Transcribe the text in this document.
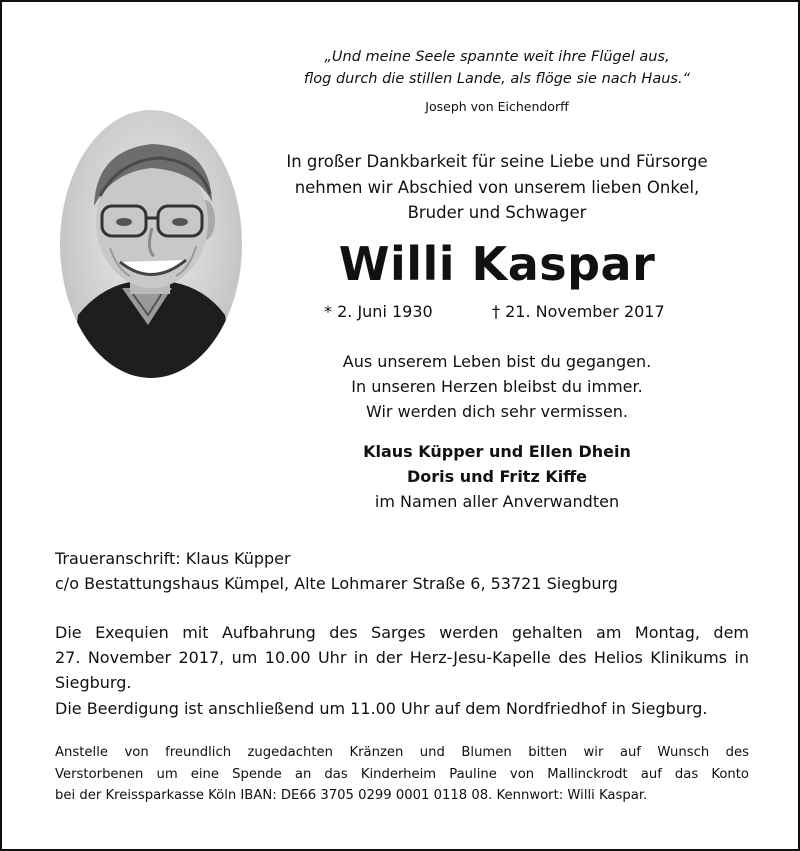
„Und meine Seele spannte weit ihre Flügel aus,
flog durch die stillen Lande, als flöge sie nach Haus.“
Joseph von Eichendorff
In großer Dankbarkeit für seine Liebe und Fürsorge
nehmen wir Abschied von unserem lieben Onkel,
Bruder und Schwager
Willi Kaspar
* 2. Juni 1930	† 21. November 2017
Aus unserem Leben bist du gegangen.
In unseren Herzen bleibst du immer.
Wir werden dich sehr vermissen.
Klaus Küpper und Ellen Dhein
Doris und Fritz Kiffe
im Namen aller Anverwandten
Traueranschrift: Klaus Küpper
c/o Bestattungshaus Kümpel, Alte Lohmarer Straße 6, 53721 Siegburg
Die Exequien mit Aufbahrung des Sarges werden gehalten am Montag, dem
27. November 2017, um 10.00 Uhr in der Herz-Jesu-Kapelle des Helios Klinikums in
Siegburg.
Die Beerdigung ist anschließend um 11.00 Uhr auf dem Nordfriedhof in Siegburg.
Anstelle von freundlich zugedachten Kränzen und Blumen bitten wir auf Wunsch des
Verstorbenen um eine Spende an das Kinderheim Pauline von Mallinckrodt auf das Konto
bei der Kreissparkasse Köln IBAN: DE66 3705 0299 0001 0118 08. Kennwort: Willi Kaspar.
